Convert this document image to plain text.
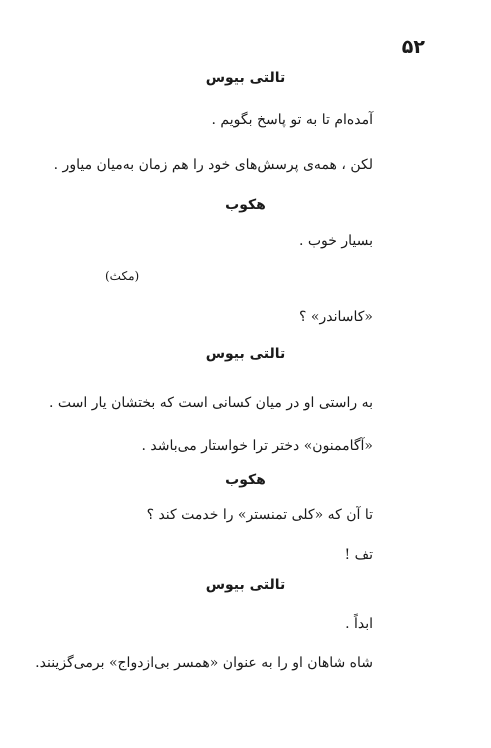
۵۲
تالتی بیوس
آمده‌ام تا به تو پاسخ بگویم .
لکن ، همه‌ی پرسش‌های خود را هم زمان به‌میان میاور .
هکوب
بسیار خوب .
(مکث)
«کاساندر» ؟
تالتی بیوس
به راستی او در میان کسانی است که بختشان یار است .
«آگاممنون» دختر ترا خواستار می‌باشد .
هکوب
تا آن که «کلی تمنستر» را خدمت کند ؟
تف !
تالتی بیوس
ابداً .
شاه شاهان او را به عنوان «همسر بی‌ازدواج» برمی‌گزینند.
